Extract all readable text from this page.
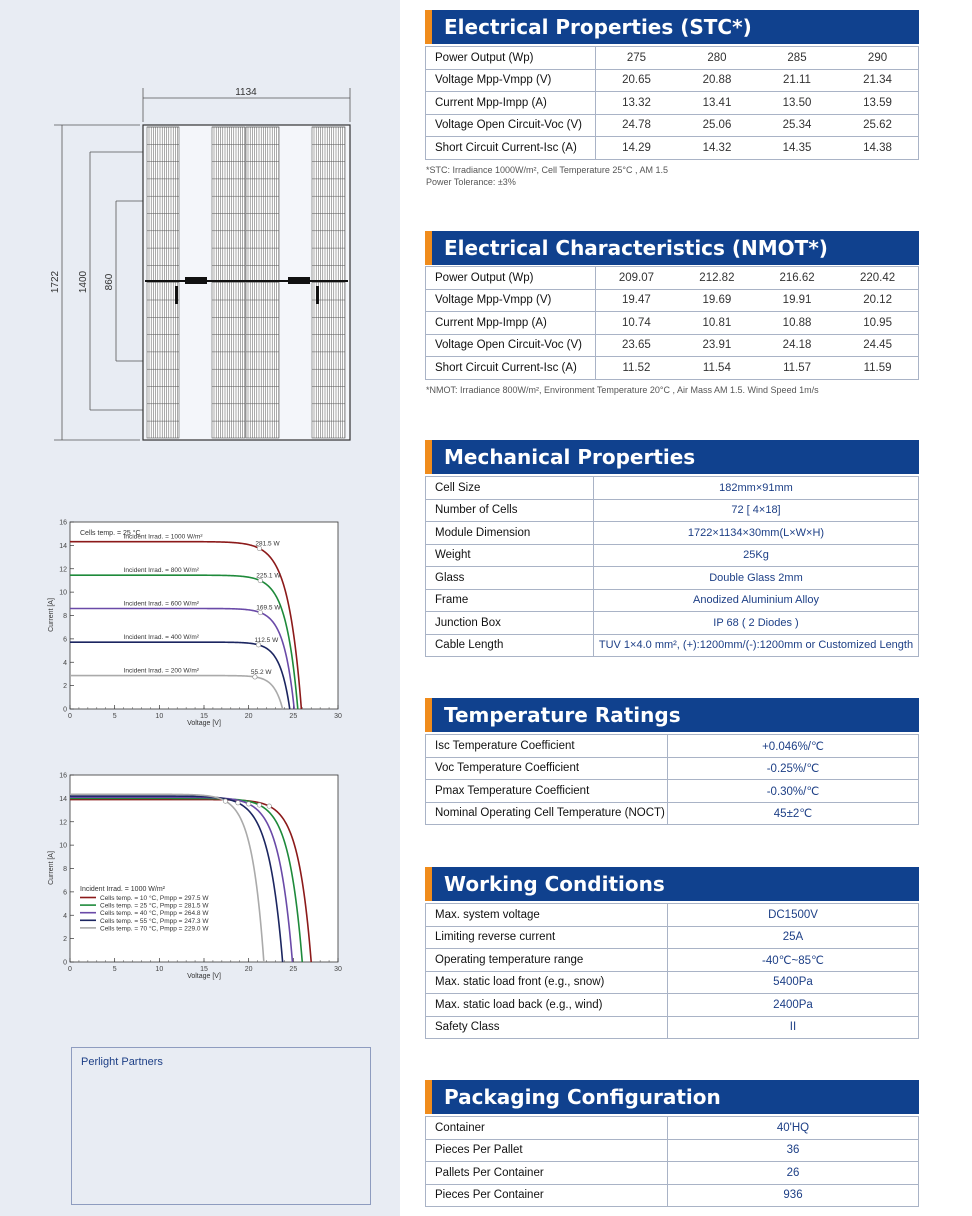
1134
1722 1400 860
0	5	10	15	20	25	30
0
2
4
6
8
10
12
14
16
Incident Irrad. = 1000 W/m²
281.5 W
Incident Irrad. = 800 W/m²
225.1 W
Incident Irrad. = 600 W/m²
169.5 W
Incident Irrad. = 400 W/m²	112.5 W
Incident Irrad. = 200 W/m²	55.2 W
Cells temp. = 25 °C
Voltage [V]
Current [A]
0	5	10	15	20	25	30
0
2
4
6
8
10
12
14
16
Incident Irrad. = 1000 W/m²
Cells temp. = 10 °C, Pmpp = 297.5 W
Cells temp. = 25 °C, Pmpp = 281.5 W
Cells temp. = 40 °C, Pmpp = 264.8 W
Cells temp. = 55 °C, Pmpp = 247.3 W
Cells temp. = 70 °C, Pmpp = 229.0 W
Voltage [V]
Current [A]
Perlight Partners
Electrical Properties (STC*)
Power Output (Wp)	275	280	285	290
Voltage Mpp-Vmpp (V)	20.65	20.88	21.11	21.34
Current Mpp-Impp (A)	13.32	13.41	13.50	13.59
Voltage Open Circuit-Voc (V)	24.78	25.06	25.34	25.62
Short Circuit Current-Isc (A)	14.29	14.32	14.35	14.38
*STC: Irradiance 1000W/m², Cell Temperature 25°C , AM 1.5
Power Tolerance: ±3%
Electrical Characteristics (NMOT*)
Power Output (Wp)	209.07	212.82	216.62	220.42
Voltage Mpp-Vmpp (V)	19.47	19.69	19.91	20.12
Current Mpp-Impp (A)	10.74	10.81	10.88	10.95
Voltage Open Circuit-Voc (V)	23.65	23.91	24.18	24.45
Short Circuit Current-Isc (A)	11.52	11.54	11.57	11.59
*NMOT: Irradiance 800W/m², Environment Temperature 20°C , Air Mass AM 1.5. Wind Speed 1m/s
Mechanical Properties
Cell Size	182mm×91mm
Number of Cells	72 [ 4×18]
Module Dimension	1722×1134×30mm(L×W×H)
Weight	25Kg
Glass	Double Glass 2mm
Frame	Anodized Aluminium Alloy
Junction Box	IP 68 ( 2 Diodes )
Cable Length	TUV 1×4.0 mm², (+):1200mm/(-):1200mm or Customized Length
Temperature Ratings
Isc Temperature Coefficient	+0.046%/℃
Voc Temperature Coefficient	-0.25%/℃
Pmax Temperature Coefficient	-0.30%/℃
Nominal Operating Cell Temperature (NOCT)	45±2℃
Working Conditions
Max. system voltage	DC1500V
Limiting reverse current	25A
Operating temperature range	-40℃~85℃
Max. static load front (e.g., snow)	5400Pa
Max. static load back (e.g., wind)	2400Pa
Safety Class	II
Packaging Configuration
Container	40'HQ
Pieces Per Pallet	36
Pallets Per Container	26
Pieces Per Container	936
